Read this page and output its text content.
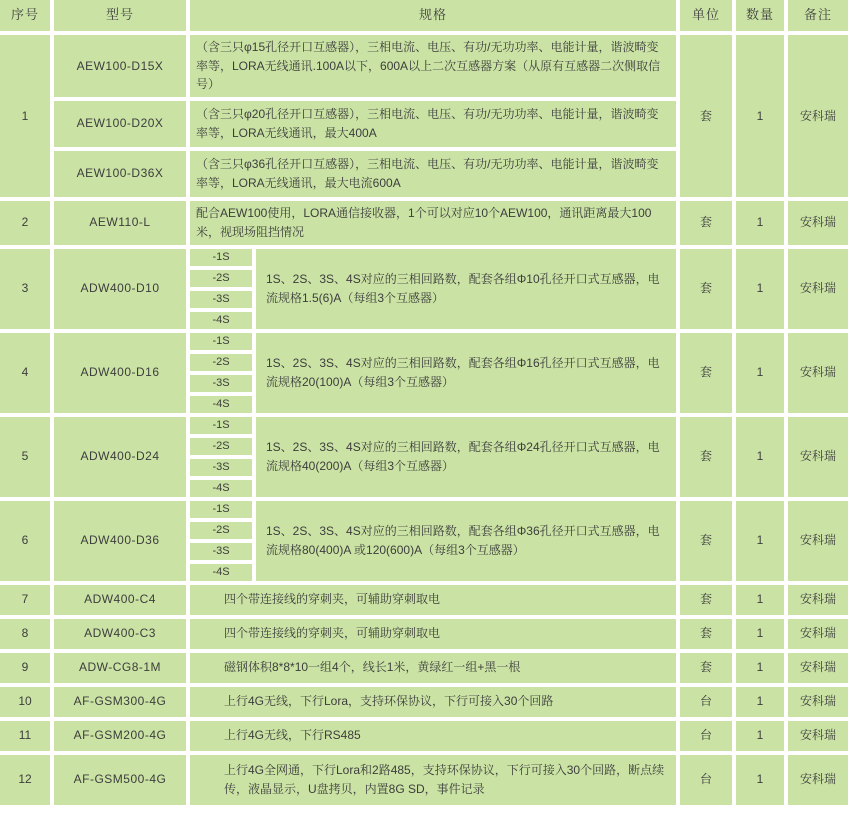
序号	型号	规格		单位	数量	备注
1	AEW100-D15X	（含三只φ15孔径开口互感器），三相电流、电压、有功/无功功率、电能计量，谐波畸变率等，LORA无线通讯.100A以下，600A以上二次互感器方案（从原有互感器二次侧取信号）		套	1	安科瑞
	AEW100-D20X	（含三只φ20孔径开口互感器），三相电流、电压、有功/无功功率、电能计量，谐波畸变率等，LORA无线通讯，最大400A				
	AEW100-D36X	（含三只φ36孔径开口互感器），三相电流、电压、有功/无功功率、电能计量，谐波畸变率等，LORA无线通讯，最大电流600A				
2	AEW110-L	配合AEW100使用，LORA通信接收器，1个可以对应10个AEW100，通讯距离最大100米，视现场阻挡情况		套	1	安科瑞
3	ADW400-D10	-1S	1S、2S、3S、4S对应的三相回路数，配套各组Φ10孔径开口式互感器，电流规格1.5(6)A（每组3个互感器）	套	1	安科瑞
		-2S				
		-3S				
		-4S				
4	ADW400-D16	-1S	1S、2S、3S、4S对应的三相回路数，配套各组Φ16孔径开口式互感器，电流规格20(100)A（每组3个互感器）	套	1	安科瑞
		-2S				
		-3S				
		-4S				
5	ADW400-D24	-1S	1S、2S、3S、4S对应的三相回路数，配套各组Φ24孔径开口式互感器，电流规格40(200)A（每组3个互感器）	套	1	安科瑞
		-2S				
		-3S				
		-4S				
6	ADW400-D36	-1S	1S、2S、3S、4S对应的三相回路数，配套各组Φ36孔径开口式互感器，电流规格80(400)A 或120(600)A（每组3个互感器）	套	1	安科瑞
		-2S				
		-3S				
		-4S				
7	ADW400-C4	四个带连接线的穿刺夹，可辅助穿刺取电		套	1	安科瑞
8	ADW400-C3	四个带连接线的穿刺夹，可辅助穿刺取电		套	1	安科瑞
9	ADW-CG8-1M	磁钢体积8*8*10一组4个，线长1米，黄绿红一组+黑一根		套	1	安科瑞
10	AF-GSM300-4G	上行4G无线，下行Lora，支持环保协议，下行可接入30个回路		台	1	安科瑞
11	AF-GSM200-4G	上行4G无线，下行RS485		台	1	安科瑞
12	AF-GSM500-4G	上行4G全网通，下行Lora和2路485，支持环保协议，下行可接入30个回路，断点续传，液晶显示，U盘拷贝，内置8G SD，事件记录		台	1	安科瑞
